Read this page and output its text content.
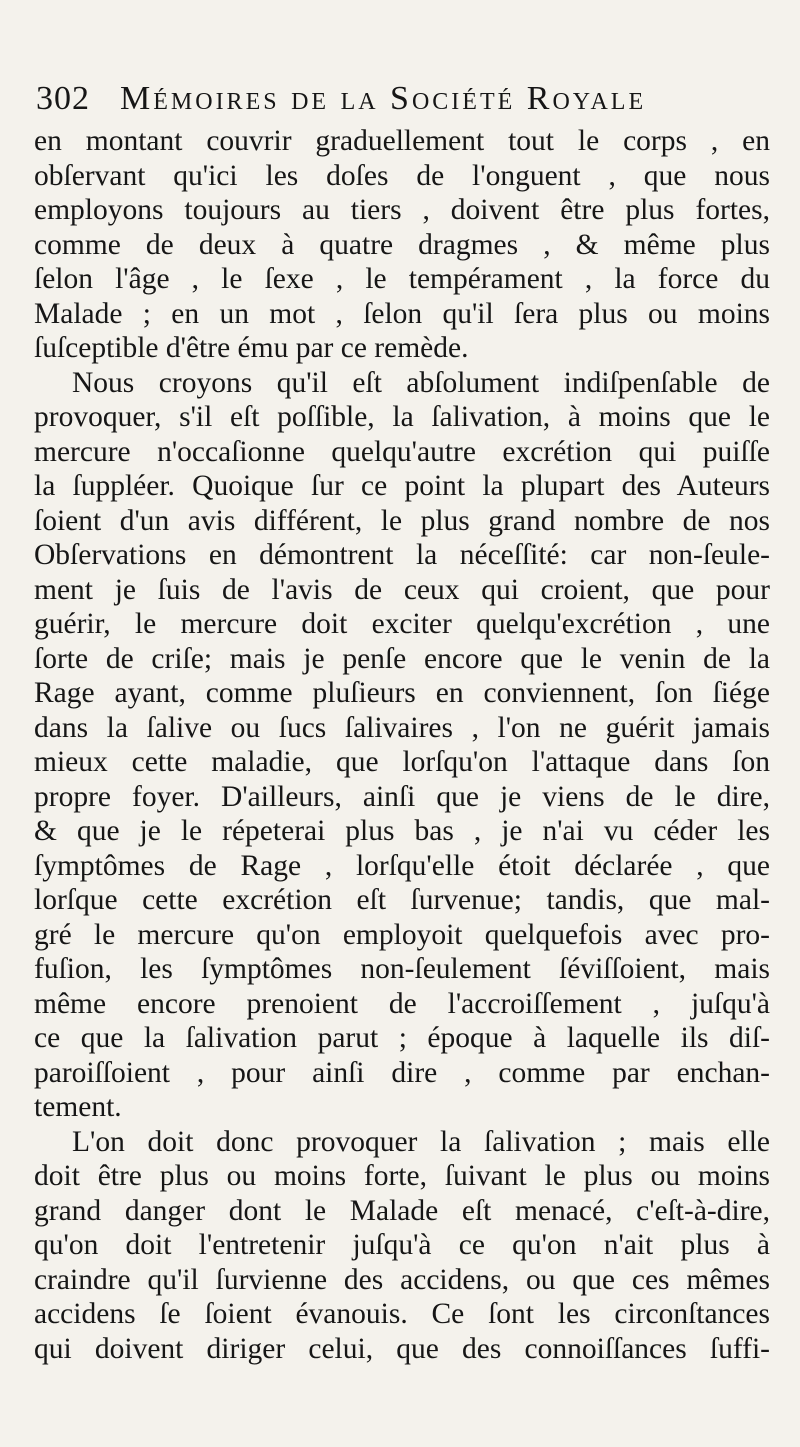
302 Mémoires de la Société Royale
en montant couvrir graduellement tout le corps , en
obſervant qu'ici les doſes de l'onguent , que nous
employons toujours au tiers , doivent être plus fortes,
comme de deux à quatre dragmes , & même plus
ſelon l'âge , le ſexe , le tempérament , la force du
Malade ; en un mot , ſelon qu'il ſera plus ou moins
ſuſceptible d'être ému par ce remède.
Nous croyons qu'il eſt abſolument indiſpenſable de
provoquer, s'il eſt poſſible, la ſalivation, à moins que le
mercure n'occaſionne quelqu'autre excrétion qui puiſſe
la ſuppléer. Quoique ſur ce point la plupart des Auteurs
ſoient d'un avis différent, le plus grand nombre de nos
Obſervations en démontrent la néceſſité: car non-ſeule-
ment je ſuis de l'avis de ceux qui croient, que pour
guérir, le mercure doit exciter quelqu'excrétion , une
ſorte de criſe; mais je penſe encore que le venin de la
Rage ayant, comme pluſieurs en conviennent, ſon ſiége
dans la ſalive ou ſucs ſalivaires , l'on ne guérit jamais
mieux cette maladie, que lorſqu'on l'attaque dans ſon
propre foyer. D'ailleurs, ainſi que je viens de le dire,
& que je le répeterai plus bas , je n'ai vu céder les
ſymptômes de Rage , lorſqu'elle étoit déclarée , que
lorſque cette excrétion eſt ſurvenue; tandis, que mal-
gré le mercure qu'on employoit quelquefois avec pro-
fuſion, les ſymptômes non-ſeulement ſéviſſoient, mais
même encore prenoient de l'accroiſſement , juſqu'à
ce que la ſalivation parut ; époque à laquelle ils diſ-
paroiſſoient , pour ainſi dire , comme par enchan-
tement.
L'on doit donc provoquer la ſalivation ; mais elle
doit être plus ou moins forte, ſuivant le plus ou moins
grand danger dont le Malade eſt menacé, c'eſt-à-dire,
qu'on doit l'entretenir juſqu'à ce qu'on n'ait plus à
craindre qu'il ſurvienne des accidens, ou que ces mêmes
accidens ſe ſoient évanouis. Ce ſont les circonſtances
qui doivent diriger celui, que des connoiſſances ſuffi-
